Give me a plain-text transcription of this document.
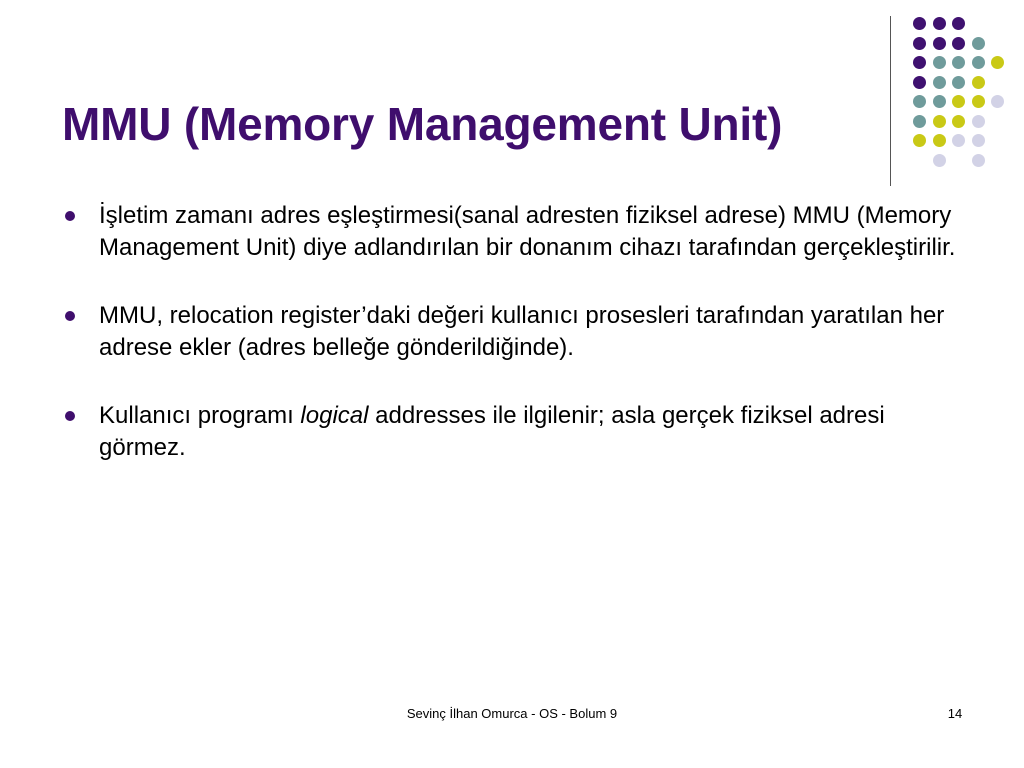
MMU (Memory Management Unit)
İşletim zamanı adres eşleştirmesi(sanal adresten fiziksel adrese) MMU (Memory Management Unit) diye adlandırılan bir donanım cihazı tarafından gerçekleştirilir.
MMU, relocation register’daki değeri kullanıcı prosesleri tarafından yaratılan her adrese ekler (adres belleğe gönderildiğinde).
Kullanıcı programı logical addresses ile ilgilenir; asla gerçek fiziksel adresi görmez.
Sevinç İlhan Omurca - OS - Bolum 9	14
